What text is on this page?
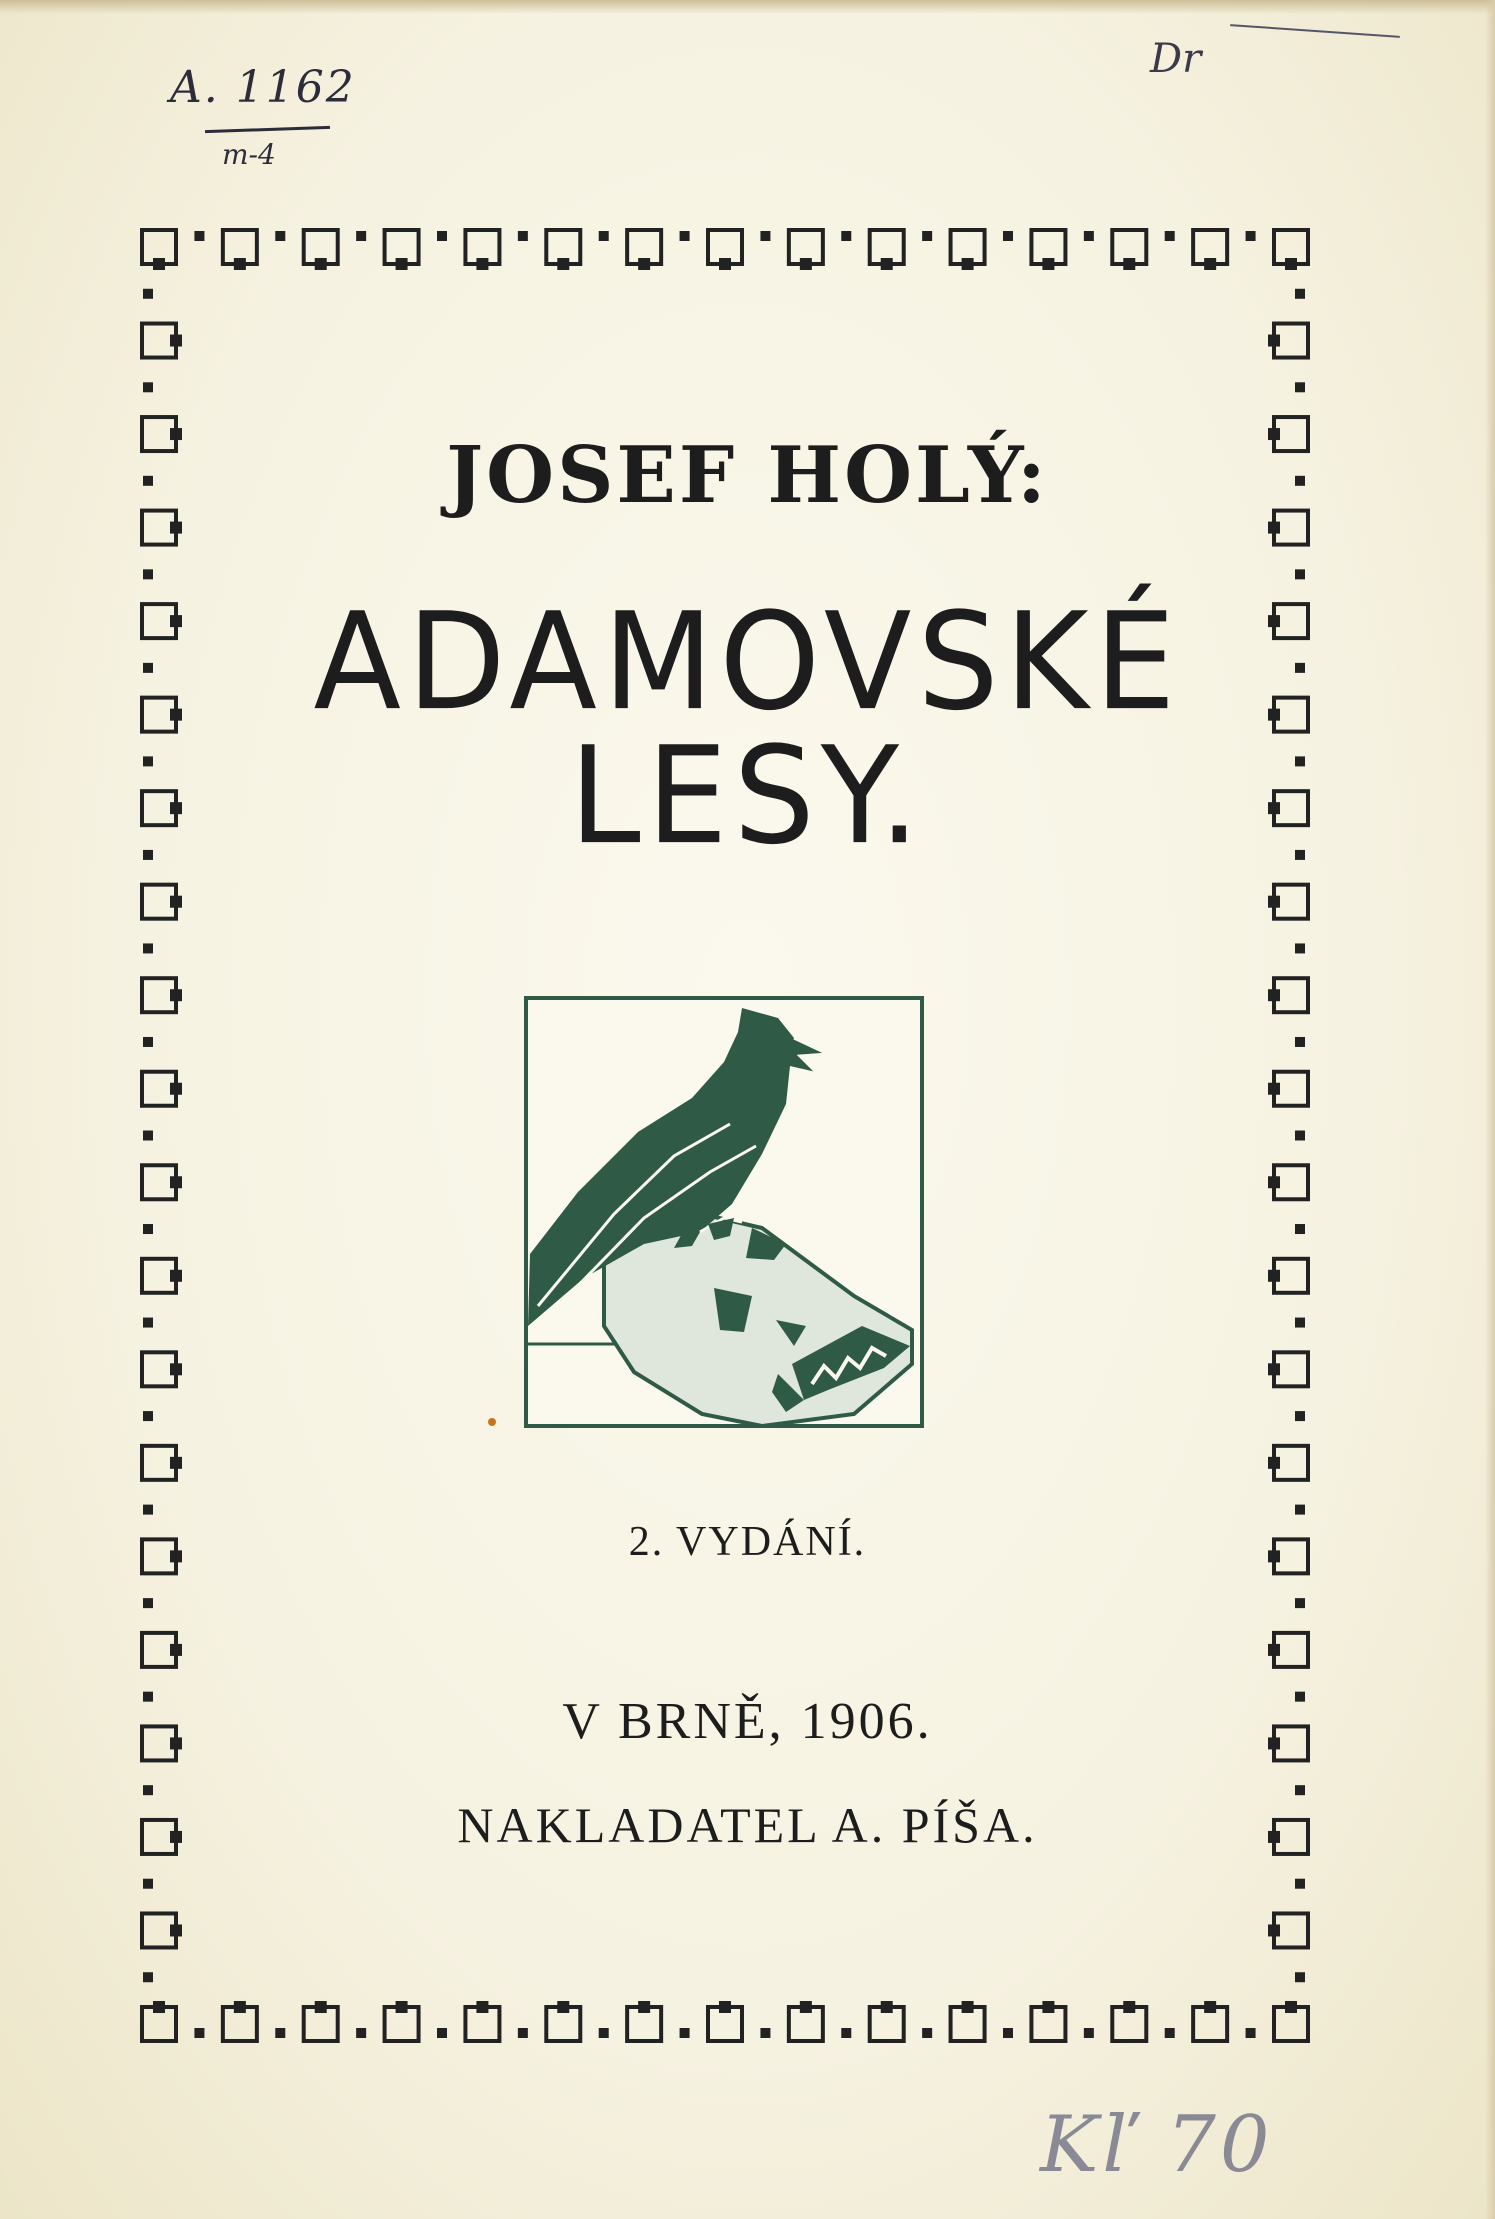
A. 1162
m-4
Dr
JOSEF HOLÝ:
ADAMOVSKÉ
LESY.
2. VYDÁNÍ.
V BRNĚ, 1906.
NAKLADATEL A. PÍŠA.
Kľ 70
